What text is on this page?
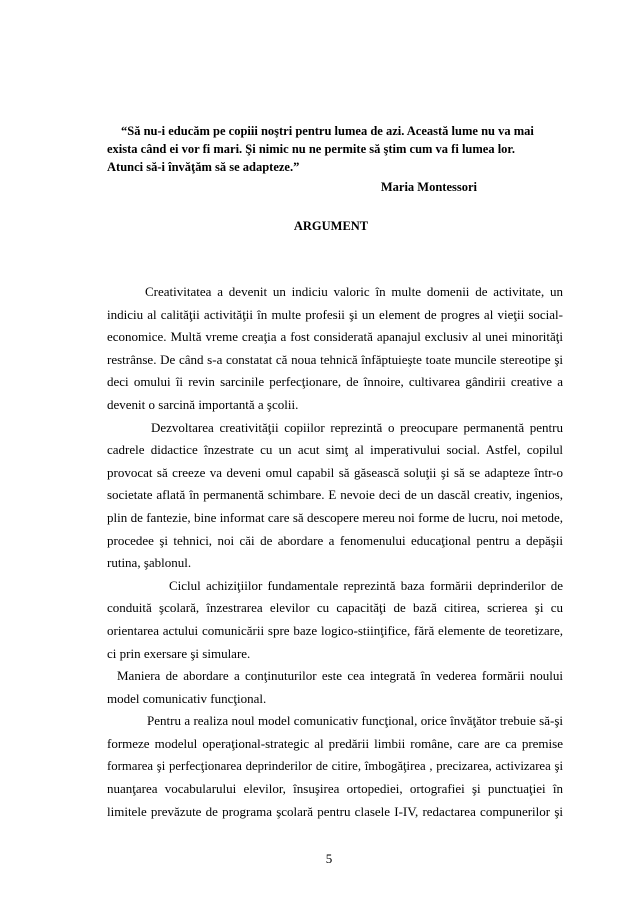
“Să nu-i educăm pe copiii noştri pentru lumea de azi. Această lume nu va mai

exista când ei vor fi mari. Şi nimic nu ne permite să ştim cum va fi lumea lor.

Atunci să-i învăţăm să se adapteze.”

Maria Montessori
ARGUMENT
Creativitatea a devenit un indiciu valoric în multe domenii de activitate, un
indiciu al calităţii activităţii în multe profesii şi un element de progres al vieţii social-
economice. Multă vreme creaţia a fost considerată apanajul exclusiv al unei minorităţi
restrânse. De când s-a constatat că noua tehnică înfăptuieşte toate muncile stereotipe şi
deci omului îi revin sarcinile perfecţionare, de înnoire, cultivarea gândirii creative a
devenit o sarcină importantă a şcolii.
Dezvoltarea creativităţii copiilor reprezintă o preocupare permanentă pentru
cadrele didactice înzestrate cu un acut simţ al imperativului social. Astfel, copilul
provocat să creeze va deveni omul capabil să găsească soluţii şi să se adapteze într-o
societate aflată în permanentă schimbare. E nevoie deci de un dascăl creativ, ingenios,
plin de fantezie, bine informat care să descopere mereu noi forme de lucru, noi metode,
procedee şi tehnici, noi căi de abordare a fenomenului educaţional pentru a depăşii
rutina, şablonul.
Ciclul achiziţiilor fundamentale reprezintă baza formării deprinderilor de
conduită şcolară, înzestrarea elevilor cu capacităţi de bază citirea, scrierea şi cu
orientarea actului comunicării spre baze logico-stiinţifice, fără elemente de teoretizare,
ci prin exersare şi simulare.
Maniera de abordare a conţinuturilor este cea integrată în vederea formării noului
model comunicativ funcţional.
Pentru a realiza noul model comunicativ funcţional, orice învăţător trebuie să-şi
formeze modelul operaţional-strategic al predării limbii române, care are ca premise
formarea şi perfecţionarea deprinderilor de citire, îmbogăţirea , precizarea, activizarea şi
nuanţarea vocabularului elevilor, însuşirea ortopediei, ortografiei şi punctuaţiei în
limitele prevăzute de programa şcolară pentru clasele I-IV, redactarea compunerilor şi
5
